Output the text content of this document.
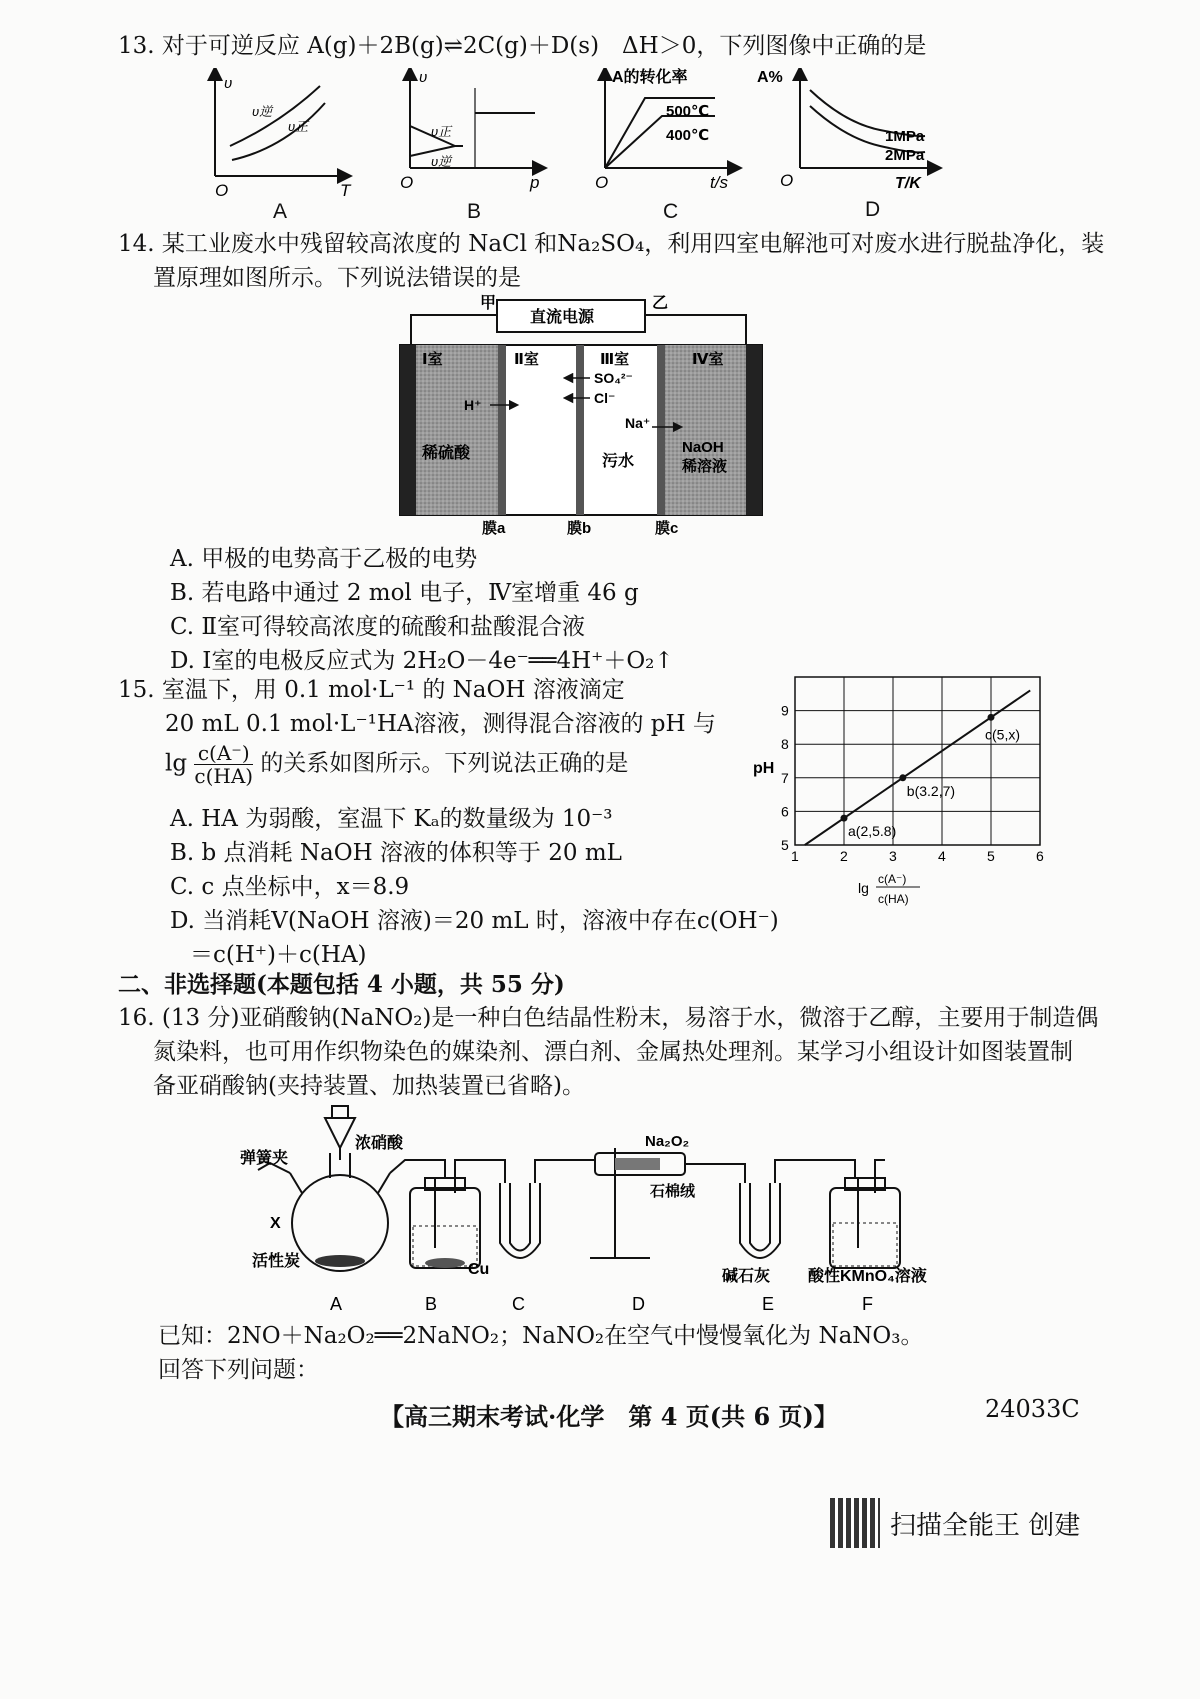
13. 对于可逆反应 A(g)＋2B(g)⇌2C(g)＋D(s)　ΔH＞0，下列图像中正确的是
υ
T
O
υ逆
υ正
υ
p
O
υ正
υ逆
A的转化率
t/s
O
500℃
400℃
A%
T/K
O
1MPa
2MPa
A	B	C	D
14. 某工业废水中残留较高浓度的 NaCl 和Na₂SO₄，利用四室电解池可对废水进行脱盐净化，装
置原理如图所示。下列说法错误的是
直流电源
甲	乙
Ⅰ室	Ⅱ室	Ⅲ室	Ⅳ室
H⁺
SO₄²⁻
Cl⁻
Na⁺
稀硫酸	污水
NaOH
稀溶液
膜a	膜b	膜c
A. 甲极的电势高于乙极的电势
B. 若电路中通过 2 mol 电子，Ⅳ室增重 46 g
C. Ⅱ室可得较高浓度的硫酸和盐酸混合液
D. Ⅰ室的电极反应式为 2H₂O－4e⁻══4H⁺＋O₂↑
15. 室温下，用 0.1 mol·L⁻¹ 的 NaOH 溶液滴定
20 mL 0.1 mol·L⁻¹HA溶液，测得混合溶液的 pH 与
$\lg \frac{c(A^-)}{c(HA)}$ 的关系如图所示。下列说法正确的是
A. HA 为弱酸，室温下 Kₐ的数量级为 10⁻³
B. b 点消耗 NaOH 溶液的体积等于 20 mL
C. c 点坐标中，x＝8.9
D. 当消耗V(NaOH 溶液)＝20 mL 时，溶液中存在c(OH⁻)
＝c(H⁺)＋c(HA)
1	2	3	4	5	6
5
6
7
8
9
a(2,5.8)
b(3.2,7)
c(5,x)
pH
lg
c(A⁻)
c(HA)
二、非选择题(本题包括 4 小题，共 55 分)
16. (13 分)亚硝酸钠(NaNO₂)是一种白色结晶性粉末，易溶于水，微溶于乙醇，主要用于制造偶
氮染料，也可用作织物染色的媒染剂、漂白剂、金属热处理剂。某学习小组设计如图装置制
备亚硝酸钠(夹持装置、加热装置已省略)。
弹簧夹
浓硝酸
X
活性炭	Cu
Na₂O₂
石棉绒
碱石灰 酸性KMnO₄溶液
A	B	C	D	E	F
已知：2NO＋Na₂O₂══2NaNO₂；NaNO₂在空气中慢慢氧化为 NaNO₃。
回答下列问题：
【高三期末考试·化学　第 4 页(共 6 页)】	24033C
扫描全能王 创建
